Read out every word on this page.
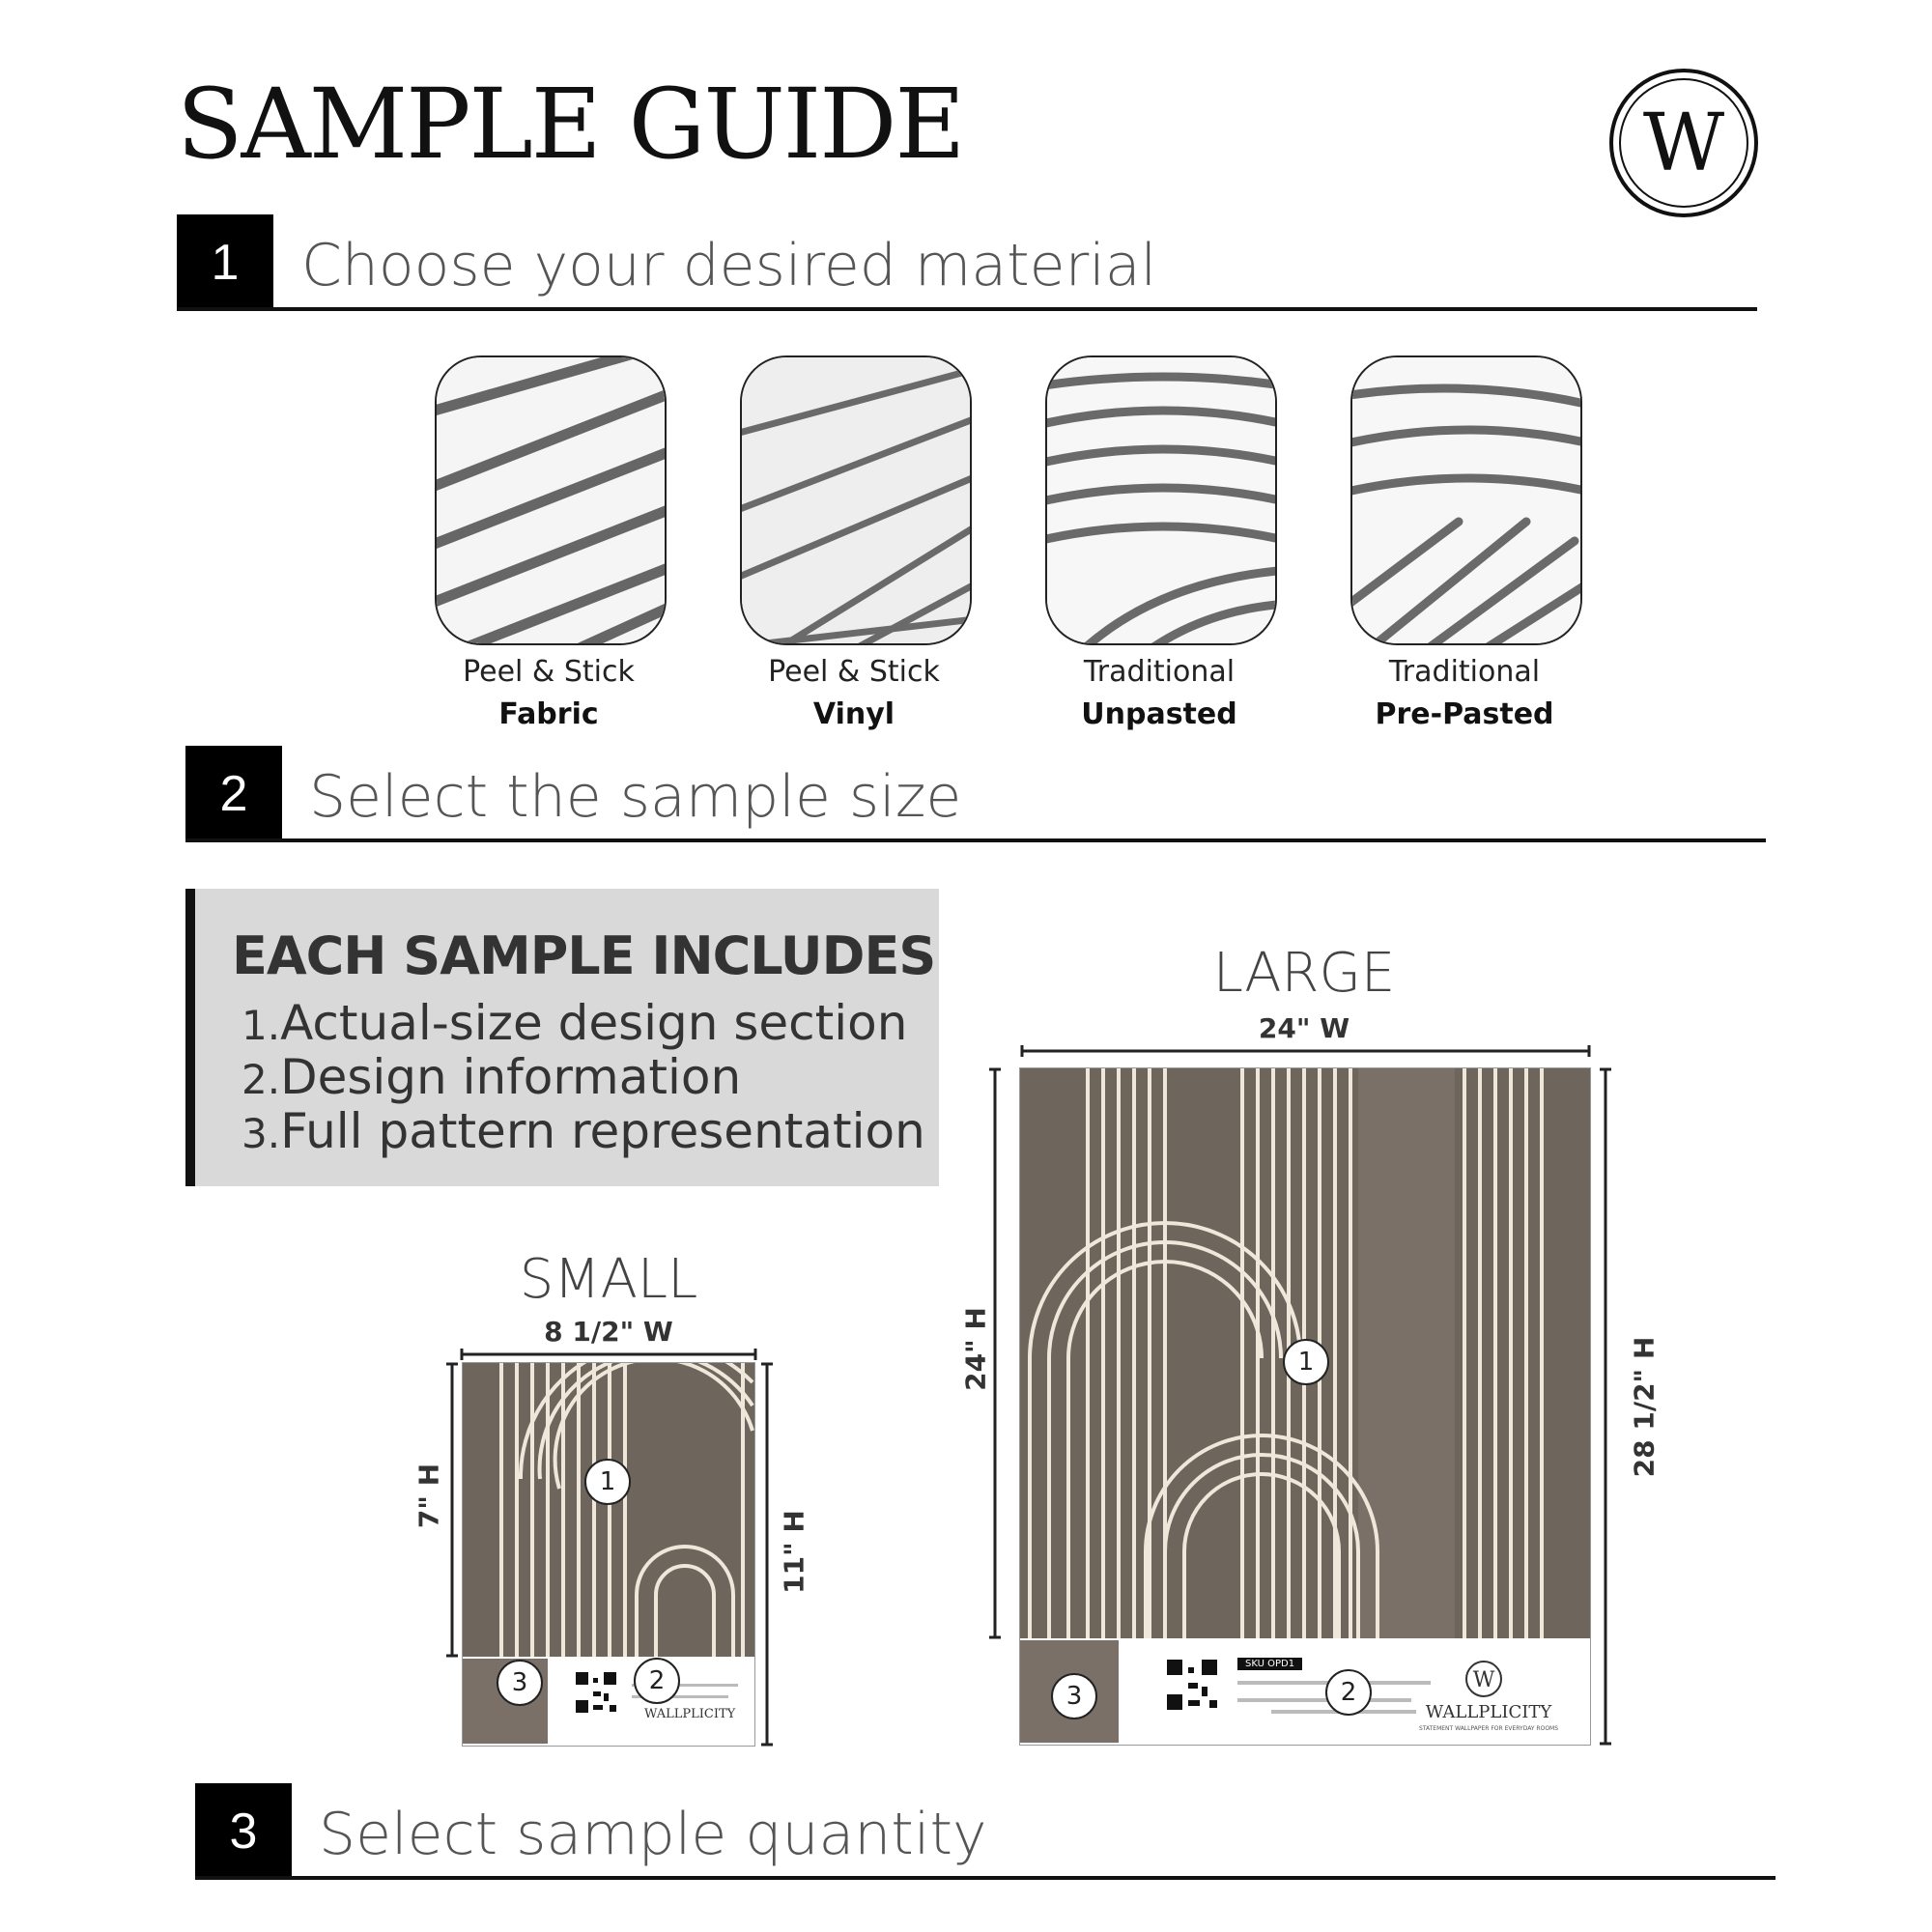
SAMPLE GUIDE	W
1	Choose your desired material
Peel & Stick
Fabric
Peel & Stick
Vinyl
Traditional
Unpasted
Traditional
Pre-Pasted
2	Select the sample size
EACH SAMPLE INCLUDES
1.Actual-size design section
2.Design information
3.Full pattern representation
LARGE
24" W
SKU OPD1
W
WALLPLICITY
STATEMENT WALLPAPER FOR EVERYDAY ROOMS
1
2
3
24" H	28 1/2" H
SMALL
8 1/2" W
WALLPLICITY
1
2
3
7" H
11" H
3	Select sample quantity
